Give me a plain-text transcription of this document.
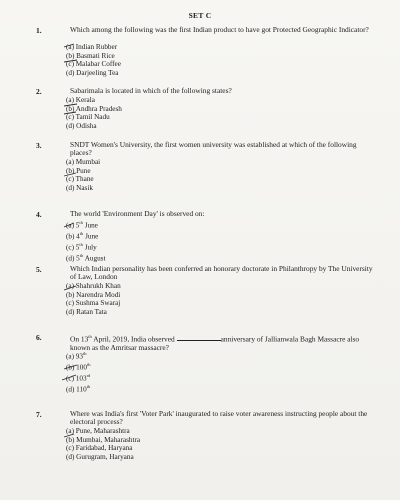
SET C
1.	Which among the following was the first Indian product to have got Protected Geographic Indicator?
(a) Indian Rubber
(b) Basmati Rice
(c) Malabar Coffee
(d) Darjeeling Tea
2.	Sabarimala is located in which of the following states?
(a) Kerala
(b) Andhra Pradesh
(c) Tamil Nadu
(d) Odisha
3.	SNDT Women's University, the first women university was established at which of the following places?
(a) Mumbai
(b) Pune
(c) Thane
(d) Nasik
4.	The world 'Environment Day' is observed on:
(a) 5th June
(b) 4th June
(c) 5th July
(d) 5th August
5.	Which Indian personality has been conferred an honorary doctorate in Philanthropy by The University of Law, London
(a) Shahrukh Khan
(b) Narendra Modi
(c) Sushma Swaraj
(d) Ratan Tata
6.	On 13th April, 2019, India observed	anniversary of Jallianwala Bagh Massacre also known as the Amritsar massacre?
(a) 93th
(b) 100th
(c) 103rd
(d) 110th
7.	Where was India's first 'Voter Park' inaugurated to raise voter awareness instructing people about the electoral process?
(a) Pune, Maharashtra
(b) Mumbai, Maharashtra
(c) Faridabad, Haryana
(d) Gurugram, Haryana
